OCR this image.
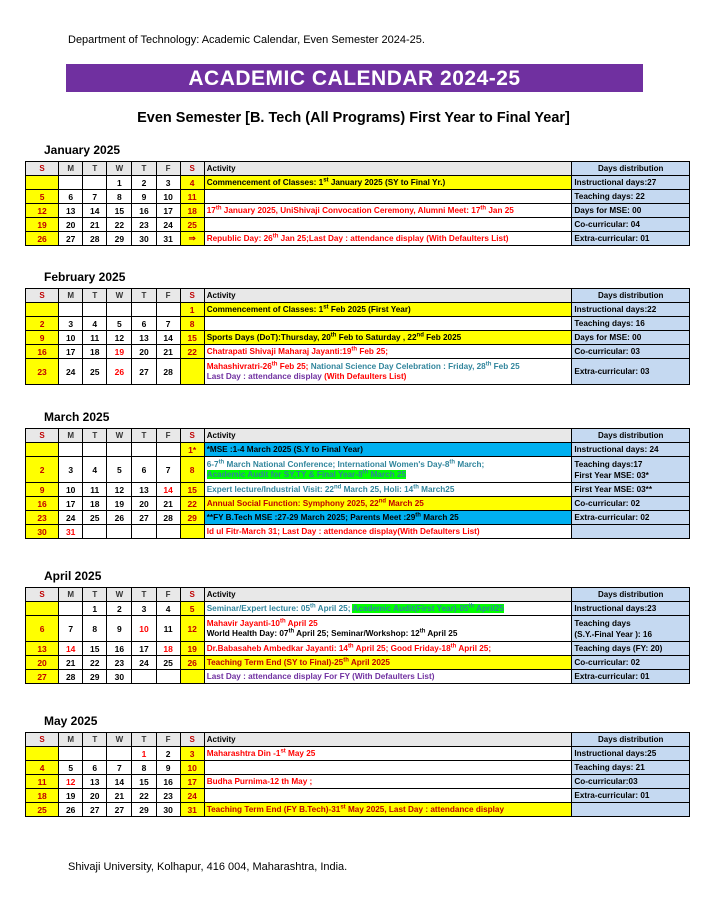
Department of Technology: Academic Calendar, Even Semester 2024-25.
ACADEMIC CALENDAR 2024-25
Even Semester [B. Tech (All Programs) First Year to Final Year]
January 2025
S	M	T	W	T	F	S	Activity	Days distribution
			1	2	3	4	Commencement of Classes: 1st January 2025 (SY to Final Yr.)	Instructional days:27
5	6	7	8	9	10	11		Teaching days: 22
12	13	14	15	16	17	18	17th January 2025, UniShivaji Convocation Ceremony, Alumni Meet: 17th Jan 25	Days for MSE: 00
19	20	21	22	23	24	25		Co-curricular: 04
26	27	28	29	30	31	⇒	Republic Day: 26th Jan 25;Last Day : attendance display (With Defaulters List)	Extra-curricular: 01
February 2025
S	M	T	W	T	F	S	Activity	Days distribution
						1	Commencement of Classes: 1st Feb 2025 (First Year)	Instructional days:22
2	3	4	5	6	7	8		Teaching days: 16
9	10	11	12	13	14	15	Sports Days (DoT):Thursday, 20th Feb to Saturday , 22nd Feb 2025	Days for MSE: 00
16	17	18	19	20	21	22	Chatrapati Shivaji Maharaj Jayanti:19th Feb 25;	Co-curricular: 03
23	24	25	26	27	28		Mahashivratri-26th Feb 25; National Science Day Celebration : Friday, 28th Feb 25
Last Day : attendance display (With Defaulters List)	Extra-curricular: 03
March 2025
S	M	T	W	T	F	S	Activity	Days distribution
						1*	*MSE :1-4 March 2025 (S.Y to Final Year)	Instructional days: 24
2	3	4	5	6	7	8	6-7th March National Conference; International Women's Day-8th March;
Academic Audit for SY,TY & Final Year-8th March 25	Teaching days:17
First Year MSE: 03*
9	10	11	12	13	14	15	Expert lecture/Industrial Visit: 22nd March 25, Holi: 14th March25	First Year MSE: 03**
16	17	18	19	20	21	22	Annual Social Function: Symphony 2025, 22nd March 25	Co-curricular: 02
23	24	25	26	27	28	29	**FY B.Tech MSE :27-29 March 2025; Parents Meet :29th March 25	Extra-curricular: 02
30	31						Id ul Fitr-March 31; Last Day : attendance display(With Defaulters List)	
April 2025
S	M	T	W	T	F	S	Activity	Days distribution
		1	2	3	4	5	Seminar/Expert lecture: 05th April 25; Academic Audit(First Year)-05th April25	Instructional days:23
6	7	8	9	10	11	12	Mahavir Jayanti-10th April 25
World Health Day: 07th April 25; Seminar/Workshop: 12th April 25	Teaching days
(S.Y.-Final Year ): 16
13	14	15	16	17	18	19	Dr.Babasaheb Ambedkar Jayanti: 14th April 25; Good Friday-18th April 25;	Teaching days (FY: 20)
20	21	22	23	24	25	26	Teaching Term End (SY to Final)-25th April 2025	Co-curricular: 02
27	28	29	30				Last Day : attendance display For FY (With Defaulters List)	Extra-curricular: 01
May 2025
S	M	T	W	T	F	S	Activity	Days distribution
				1	2	3	Maharashtra Din -1st May 25	Instructional days:25
4	5	6	7	8	9	10		Teaching days: 21
11	12	13	14	15	16	17	Budha Purnima-12 th May ;	Co-curricular:03
18	19	20	21	22	23	24		Extra-curricular: 01
25	26	27	27	29	30	31	Teaching Term End (FY B.Tech)-31st May 2025, Last Day : attendance display	
Shivaji University, Kolhapur, 416 004, Maharashtra, India.
